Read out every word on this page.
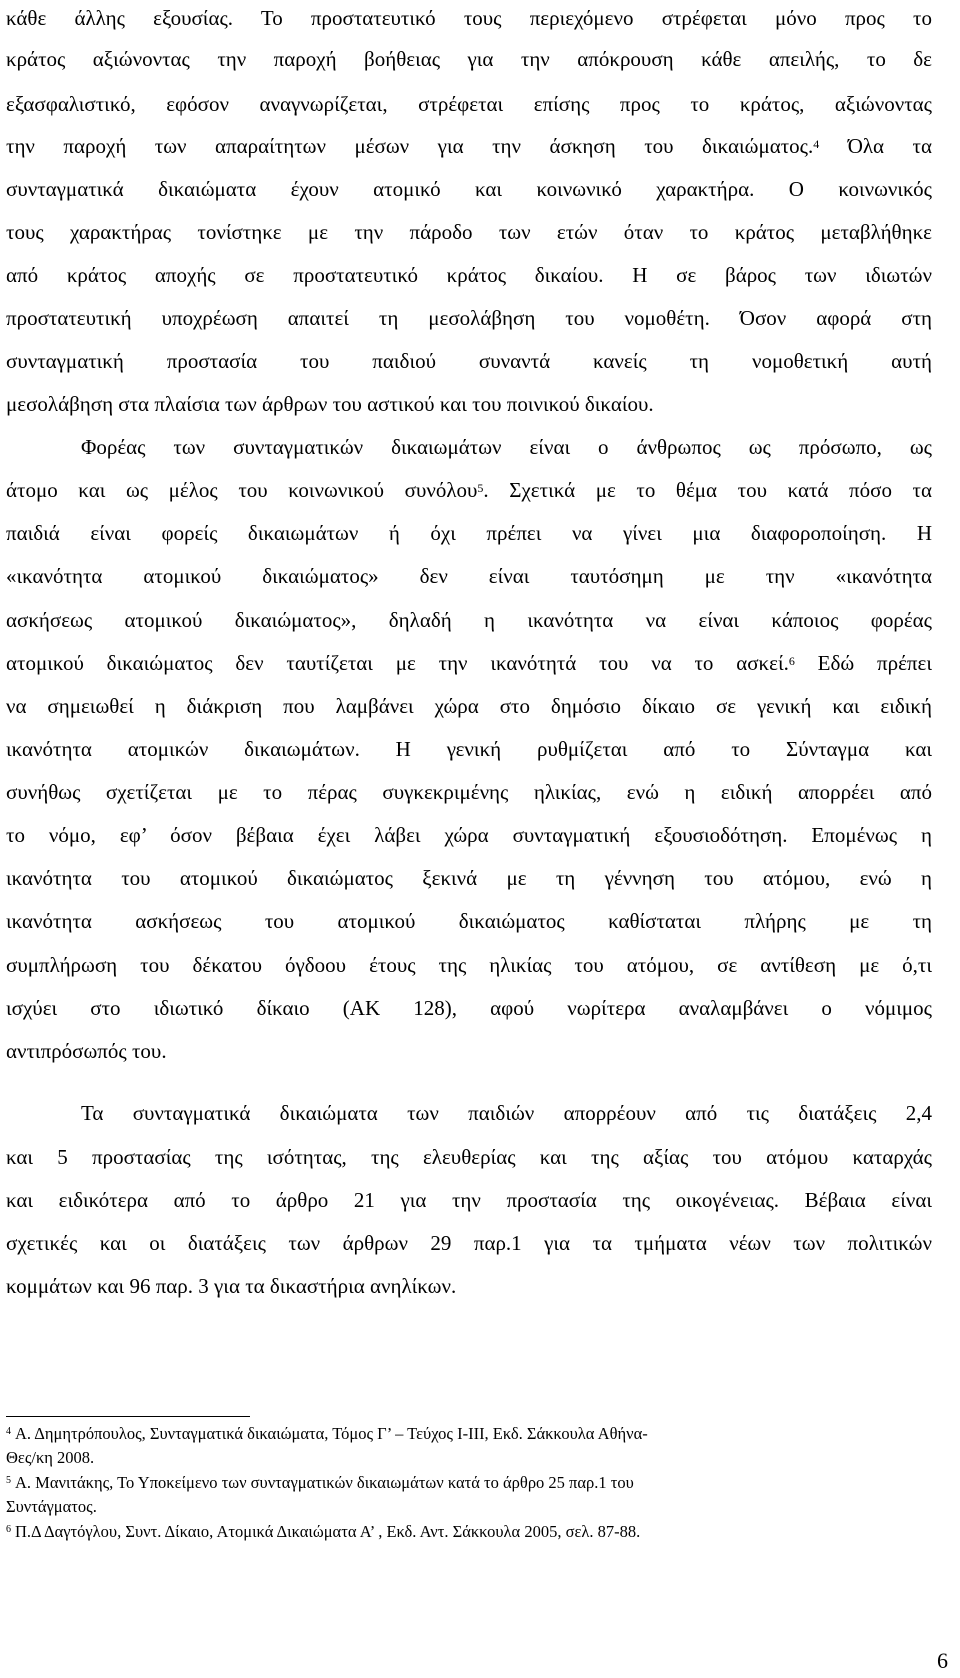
κάθε άλλης εξουσίας. Το προστατευτικό τους περιεχόμενο στρέφεται μόνο προς το
κράτος αξιώνοντας την παροχή βοήθειας για την απόκρουση κάθε απειλής, το δε
εξασφαλιστικό, εφόσον αναγνωρίζεται, στρέφεται επίσης προς το κράτος, αξιώνοντας
την παροχή των απαραίτητων μέσων για την άσκηση του δικαιώματος.$^4$ Όλα τα
συνταγματικά δικαιώματα έχουν ατομικό και κοινωνικό χαρακτήρα. Ο κοινωνικός
τους χαρακτήρας τονίστηκε με την πάροδο των ετών όταν το κράτος μεταβλήθηκε
από κράτος αποχής σε προστατευτικό κράτος δικαίου. Η σε βάρος των ιδιωτών
προστατευτική υποχρέωση απαιτεί τη μεσολάβηση του νομοθέτη. Όσον αφορά στη
συνταγματική προστασία του παιδιού συναντά κανείς τη νομοθετική αυτή
μεσολάβηση στα πλαίσια των άρθρων του αστικού και του ποινικού δικαίου.
Φορέας των συνταγματικών δικαιωμάτων είναι ο άνθρωπος ως πρόσωπο, ως
άτομο και ως μέλος του κοινωνικού συνόλου$^5$. Σχετικά με το θέμα του κατά πόσο τα
παιδιά είναι φορείς δικαιωμάτων ή όχι πρέπει να γίνει μια διαφοροποίηση. Η
«ικανότητα ατομικού δικαιώματος» δεν είναι ταυτόσημη με την «ικανότητα
ασκήσεως ατομικού δικαιώματος», δηλαδή η ικανότητα να είναι κάποιος φορέας
ατομικού δικαιώματος δεν ταυτίζεται με την ικανότητά του να το ασκεί.$^6$ Εδώ πρέπει
να σημειωθεί η διάκριση που λαμβάνει χώρα στο δημόσιο δίκαιο σε γενική και ειδική
ικανότητα ατομικών δικαιωμάτων. Η γενική ρυθμίζεται από το Σύνταγμα και
συνήθως σχετίζεται με το πέρας συγκεκριμένης ηλικίας, ενώ η ειδική απορρέει από
το νόμο, εφ’ όσον βέβαια έχει λάβει χώρα συνταγματική εξουσιοδότηση. Επομένως η
ικανότητα του ατομικού δικαιώματος ξεκινά με τη γέννηση του ατόμου, ενώ η
ικανότητα ασκήσεως του ατομικού δικαιώματος καθίσταται πλήρης με τη
συμπλήρωση του δέκατου όγδοου έτους της ηλικίας του ατόμου, σε αντίθεση με ό,τι
ισχύει στο ιδιωτικό δίκαιο (ΑΚ 128), αφού νωρίτερα αναλαμβάνει ο νόμιμος
αντιπρόσωπός του.
Τα συνταγματικά δικαιώματα των παιδιών απορρέουν από τις διατάξεις 2,4
και 5 προστασίας της ισότητας, της ελευθερίας και της αξίας του ατόμου καταρχάς
και ειδικότερα από το άρθρο 21 για την προστασία της οικογένειας. Βέβαια είναι
σχετικές και οι διατάξεις των άρθρων 29 παρ.1 για τα τμήματα νέων των πολιτικών
κομμάτων και 96 παρ. 3 για τα δικαστήρια ανηλίκων.
$^4$ Α. Δημητρόπουλος, Συνταγματικά δικαιώματα, Τόμος Γ’ – Τεύχος Ι-ΙΙΙ, Εκδ. Σάκκουλα Αθήνα-
Θες/κη 2008.
$^5$ Α. Μανιτάκης, Το Υποκείμενο των συνταγματικών δικαιωμάτων κατά το άρθρο 25 παρ.1 του
Συντάγματος.
$^6$ Π.Δ Δαγτόγλου, Συντ. Δίκαιο, Ατομικά Δικαιώματα Α’ , Εκδ. Αντ. Σάκκουλα 2005, σελ. 87-88.
6
